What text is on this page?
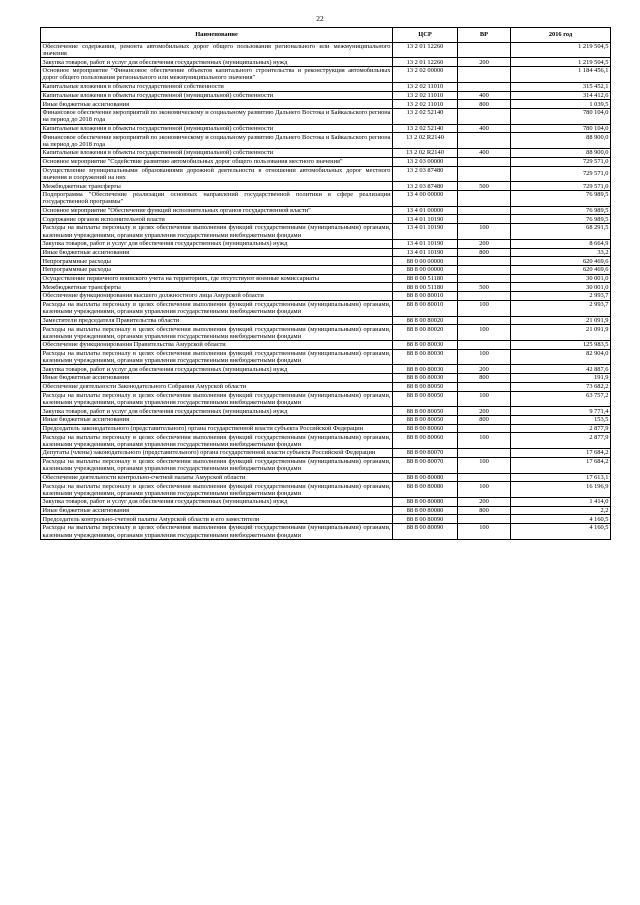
22
Наименование	ЦСР	ВР	2016 год
Обеспечение содержания, ремонта автомобильных дорог общего пользования регионального или межмуниципального значения	13 2 01 12260		1 219 504,5
Закупка товаров, работ и услуг для обеспечения государственных (муниципальных) нужд	13 2 01 12260	200	1 219 504,5
Основное мероприятие "Финансовое обеспечение объектов капитального строительства и реконструкция автомобильных дорог общего пользования регионального или межмуниципального значения"	13 2 02 00000		1 184 456,1
Капитальные вложения в объекты государственной собственности	13 2 02 11010		315 452,1
Капитальные вложения в объекты государственной (муниципальной) собственности	13 2 02 11010	400	314 412,6
Иные бюджетные ассигнования	13 2 02 11010	800	1 039,5
Финансовое обеспечение мероприятий по экономическому и социальному развитию Дальнего Востока и Байкальского региона на период до 2018 года	13 2 02 52140		780 104,0
Капитальные вложения в объекты государственной (муниципальной) собственности	13 2 02 52140	400	780 104,0
Финансовое обеспечение мероприятий по экономическому и социальному развитию Дальнего Востока и Байкальского региона на период до 2018 года	13 2 02 R2140		88 900,0
Капитальные вложения в объекты государственной (муниципальной) собственности	13 2 02 R2140	400	88 900,0
Основное мероприятие "Содействие развитию автомобильных дорог общего пользования местного значения"	13 2 03 00000		729 571,0
Осуществление муниципальными образованиями дорожной деятельности в отношении автомобильных дорог местного значения и сооружений на них	13 2 03 87480		729 571,0
Межбюджетные трансферты	13 2 03 87480	500	729 571,0
Подпрограмма "Обеспечение реализации основных направлений государственной политики в сфере реализации государственной программы"	13 4 00 00000		76 989,5
Основное мероприятие "Обеспечение функций исполнительных органов государственной власти"	13 4 01 00000		76 989,5
Содержание органов исполнительной власти	13 4 01 10190		76 989,5
Расходы на выплаты персоналу в целях обеспечения выполнения функций государственными (муниципальными) органами, казенными учреждениями, органами управления государственными внебюджетными фондами	13 4 01 10190	100	68 291,5
Закупка товаров, работ и услуг для обеспечения государственных (муниципальных) нужд	13 4 01 10190	200	8 664,9
Иные бюджетные ассигнования	13 4 01 10190	800	33,2
Непрограммные расходы	88 0 00 00000		620 469,6
Непрограммные расходы	88 8 00 00000		620 469,6
Осуществление первичного воинского учета на территориях, где отсутствуют военные комиссариаты	88 8 00 51180		30 001,0
Межбюджетные трансферты	88 8 00 51180	500	30 001,0
Обеспечение функционирования высшего должностного лица Амурской области	88 8 00 80010		2 993,7
Расходы на выплаты персоналу в целях обеспечения выполнения функций государственными (муниципальными) органами, казенными учреждениями, органами управления государственными внебюджетными фондами	88 8 00 80010	100	2 993,7
Заместители председателя Правительства области	88 8 00 80020		21 091,9
Расходы на выплаты персоналу в целях обеспечения выполнения функций государственными (муниципальными) органами, казенными учреждениями, органами управления государственными внебюджетными фондами	88 8 00 80020	100	21 091,9
Обеспечение функционирования Правительства Амурской области	88 8 00 80030		125 983,5
Расходы на выплаты персоналу в целях обеспечения выполнения функций государственными (муниципальными) органами, казенными учреждениями, органами управления государственными внебюджетными фондами	88 8 00 80030	100	82 904,0
Закупка товаров, работ и услуг для обеспечения государственных (муниципальных) нужд	88 8 00 80030	200	42 887,6
Иные бюджетные ассигнования	88 8 00 80030	800	191,9
Обеспечение деятельности Законодательного Собрания Амурской области	88 8 00 80050		73 682,2
Расходы на выплаты персоналу в целях обеспечения выполнения функций государственными (муниципальными) органами, казенными учреждениями, органами управления государственными внебюджетными фондами	88 8 00 80050	100	63 757,2
Закупка товаров, работ и услуг для обеспечения государственных (муниципальных) нужд	88 8 00 80050	200	9 771,4
Иные бюджетные ассигнования	88 8 00 80050	800	153,5
Председатель законодательного (представительного) органа государственной власти субъекта Российской Федерации	88 8 00 80060		2 877,9
Расходы на выплаты персоналу в целях обеспечения выполнения функций государственными (муниципальными) органами, казенными учреждениями, органами управления государственными внебюджетными фондами	88 8 00 80060	100	2 877,9
Депутаты (члены) законодательного (представительного) органа государственной власти субъекта Российской Федерации	88 8 00 80070		17 684,2
Расходы на выплаты персоналу в целях обеспечения выполнения функций государственными (муниципальными) органами, казенными учреждениями, органами управления государственными внебюджетными фондами	88 8 00 80070	100	17 684,2
Обеспечение деятельности контрольно-счетной палаты Амурской области	88 8 00 80080		17 613,1
Расходы на выплаты персоналу в целях обеспечения выполнения функций государственными (муниципальными) органами, казенными учреждениями, органами управления государственными внебюджетными фондами	88 8 00 80080	100	16 196,9
Закупка товаров, работ и услуг для обеспечения государственных (муниципальных) нужд	88 8 00 80080	200	1 414,0
Иные бюджетные ассигнования	88 8 00 80080	800	2,2
Председатель контрольно-счетной палаты Амурской области и его заместители	88 8 00 80090		4 160,5
Расходы на выплаты персоналу в целях обеспечения выполнения функций государственными (муниципальными) органами, казенными учреждениями, органами управления государственными внебюджетными фондами	88 8 00 80090	100	4 160,5
